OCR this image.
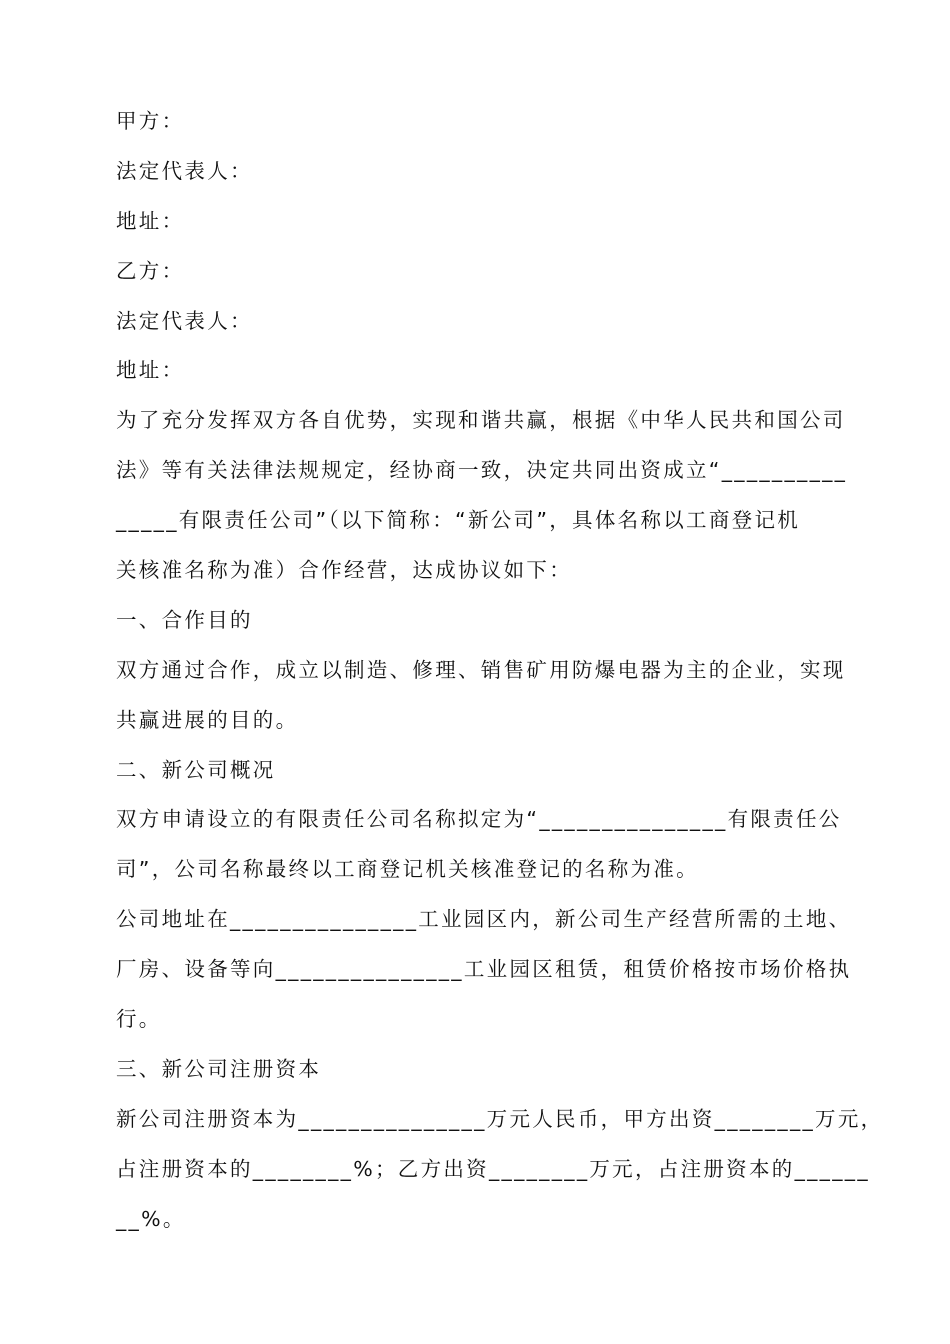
甲方：
法定代表人：
地址：
乙方：
法定代表人：
地址：
为了充分发挥双方各自优势，实现和谐共赢，根据《中华人民共和国公司
法》等有关法律法规规定，经协商一致，决定共同出资成立“__________
_____有限责任公司”（以下简称：“新公司”，具体名称以工商登记机
关核准名称为准）合作经营，达成协议如下：
一、合作目的
双方通过合作，成立以制造、修理、销售矿用防爆电器为主的企业，实现
共赢进展的目的。
二、新公司概况
双方申请设立的有限责任公司名称拟定为“_______________有限责任公
司”，公司名称最终以工商登记机关核准登记的名称为准。
公司地址在_______________工业园区内，新公司生产经营所需的土地、
厂房、设备等向_______________工业园区租赁，租赁价格按市场价格执
行。
三、新公司注册资本
新公司注册资本为_______________万元人民币，甲方出资________万元，
占注册资本的________%；乙方出资________万元，占注册资本的______
__%。
